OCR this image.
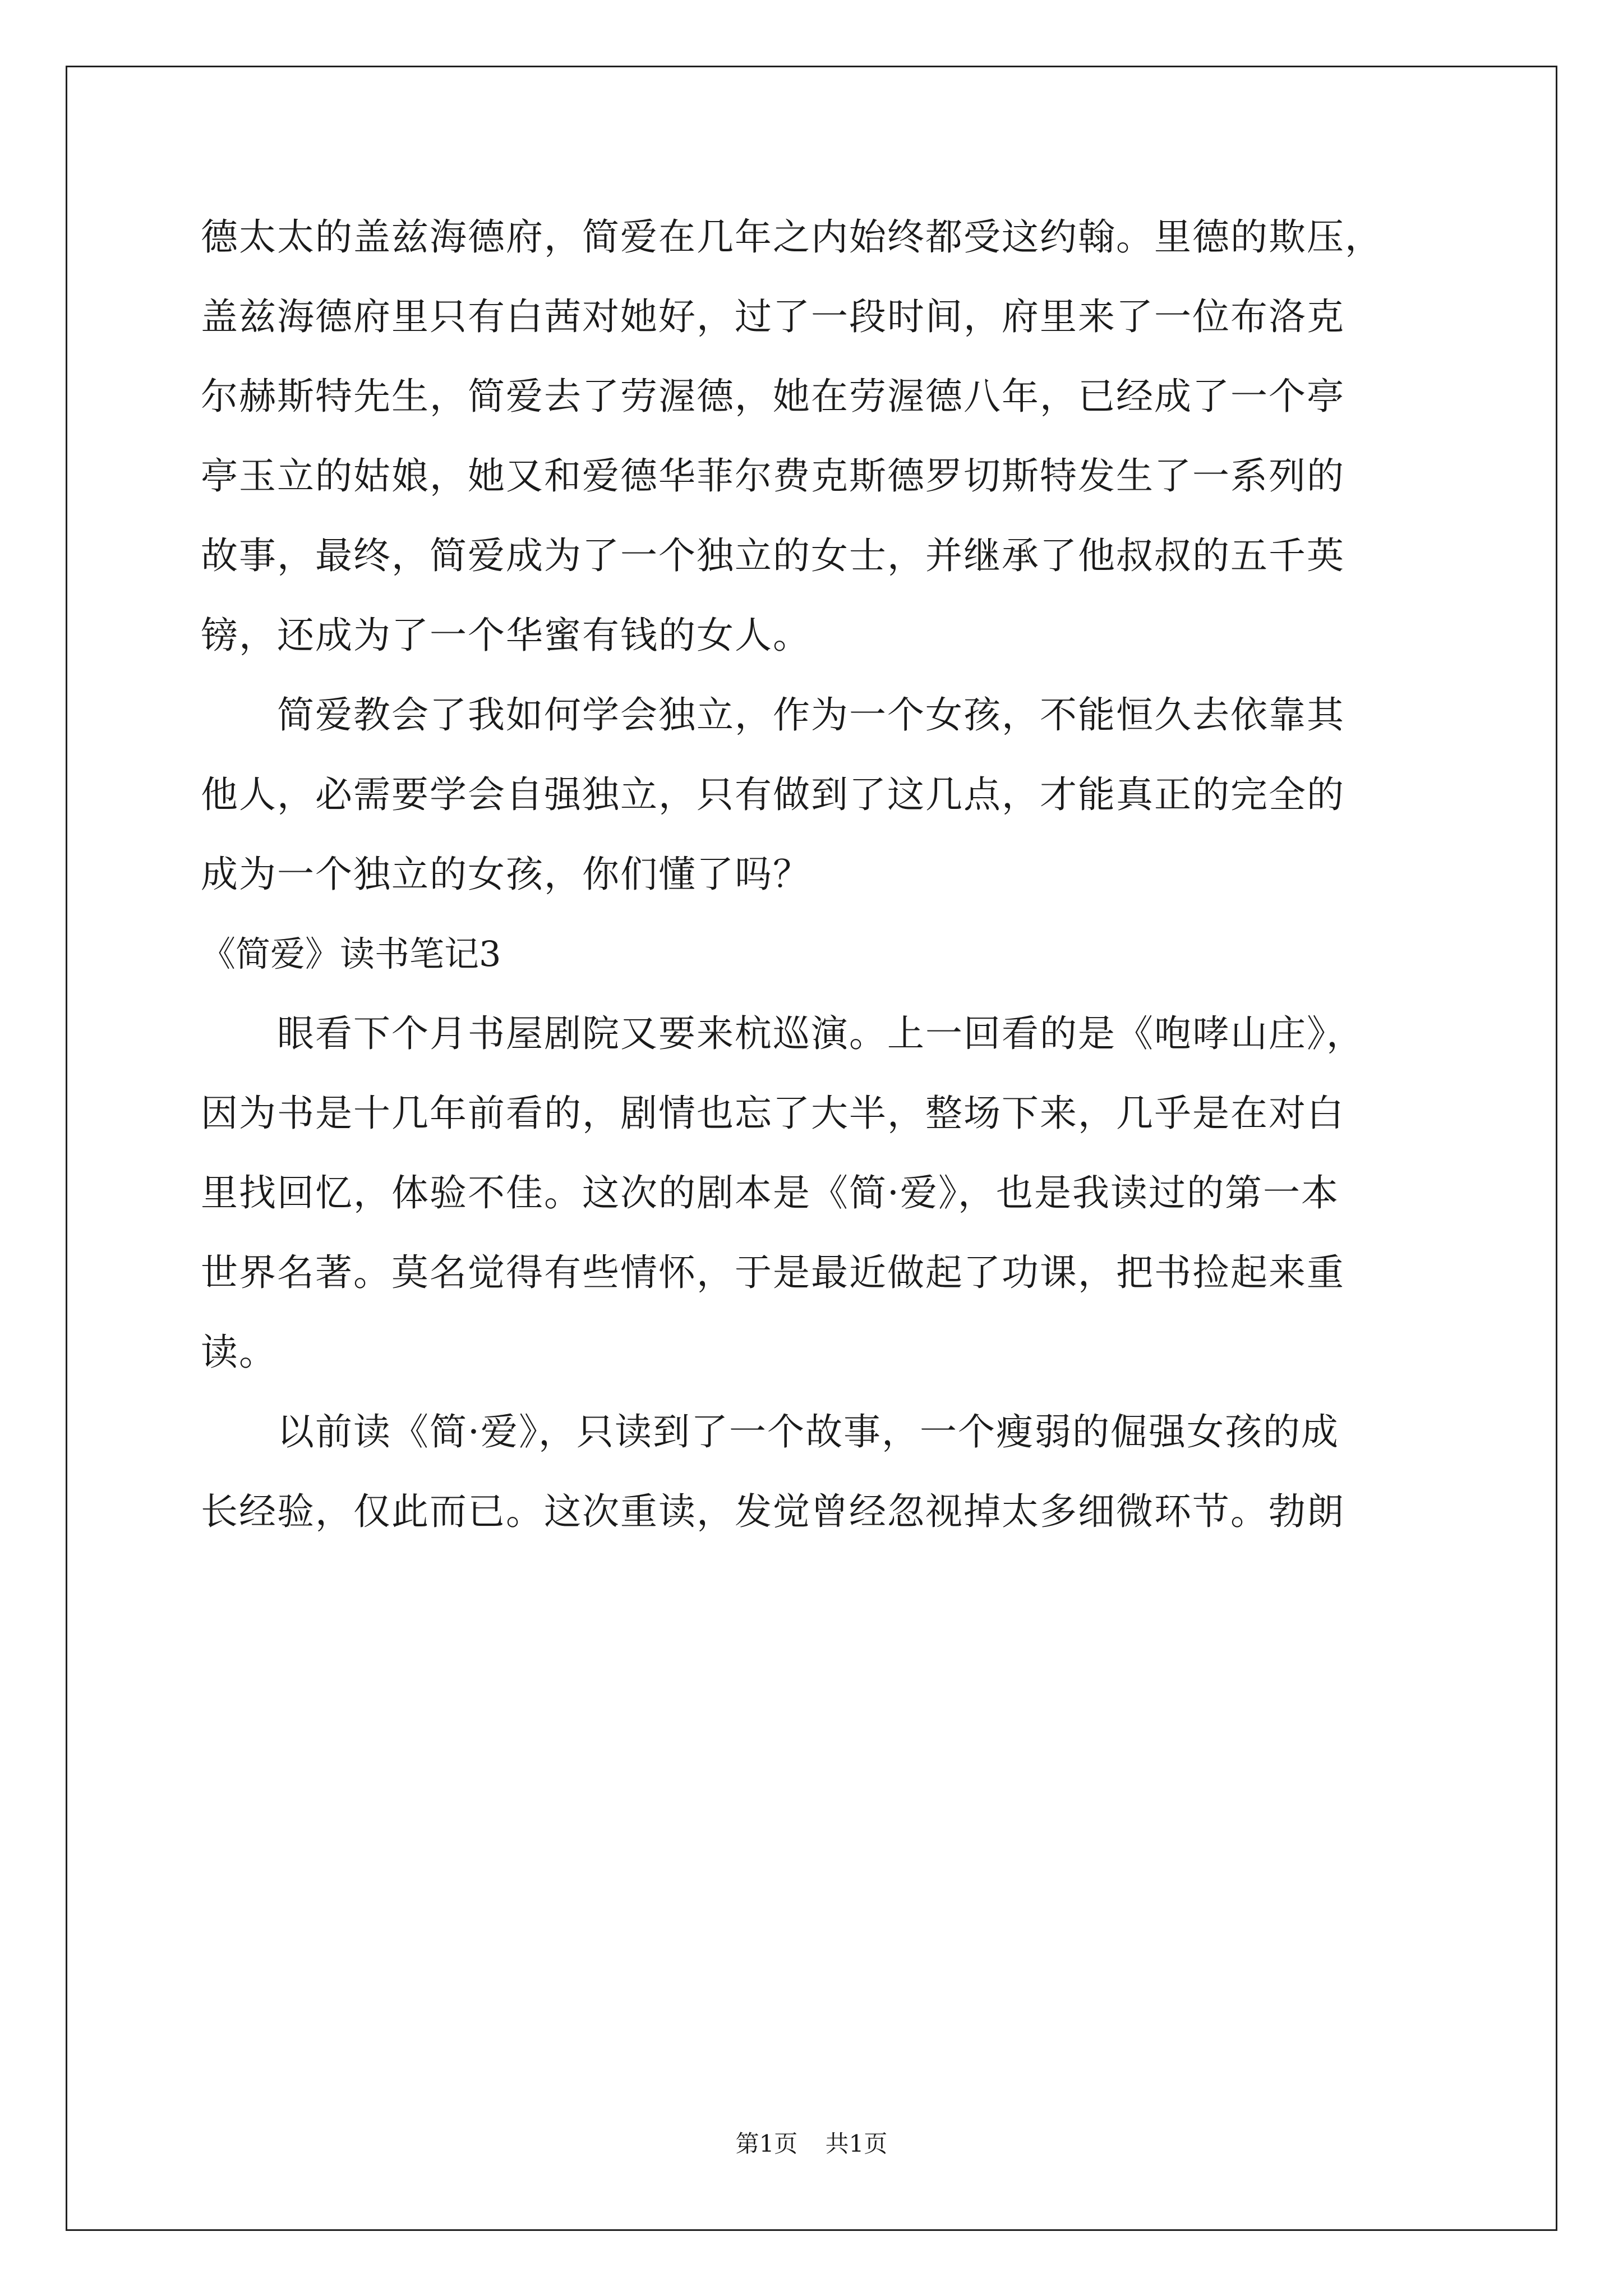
德太太的盖兹海德府，简爱在几年之内始终都受这约翰。里德的欺压，
盖兹海德府里只有白茜对她好，过了一段时间，府里来了一位布洛克
尔赫斯特先生，简爱去了劳渥德，她在劳渥德八年，已经成了一个亭
亭玉立的姑娘，她又和爱德华菲尔费克斯德罗切斯特发生了一系列的
故事，最终，简爱成为了一个独立的女士，并继承了他叔叔的五千英
镑，还成为了一个华蜜有钱的女人。
　　简爱教会了我如何学会独立，作为一个女孩，不能恒久去依靠其
他人，必需要学会自强独立，只有做到了这几点，才能真正的完全的
成为一个独立的女孩，你们懂了吗？
《简爱》读书笔记3
　　眼看下个月书屋剧院又要来杭巡演。上一回看的是《咆哮山庄》，
因为书是十几年前看的，剧情也忘了大半，整场下来，几乎是在对白
里找回忆，体验不佳。这次的剧本是《简·爱》，也是我读过的第一本
世界名著。莫名觉得有些情怀，于是最近做起了功课，把书捡起来重
读。
　　以前读《简·爱》，只读到了一个故事，一个瘦弱的倔强女孩的成
长经验，仅此而已。这次重读，发觉曾经忽视掉太多细微环节。勃朗
第1页 共1页
